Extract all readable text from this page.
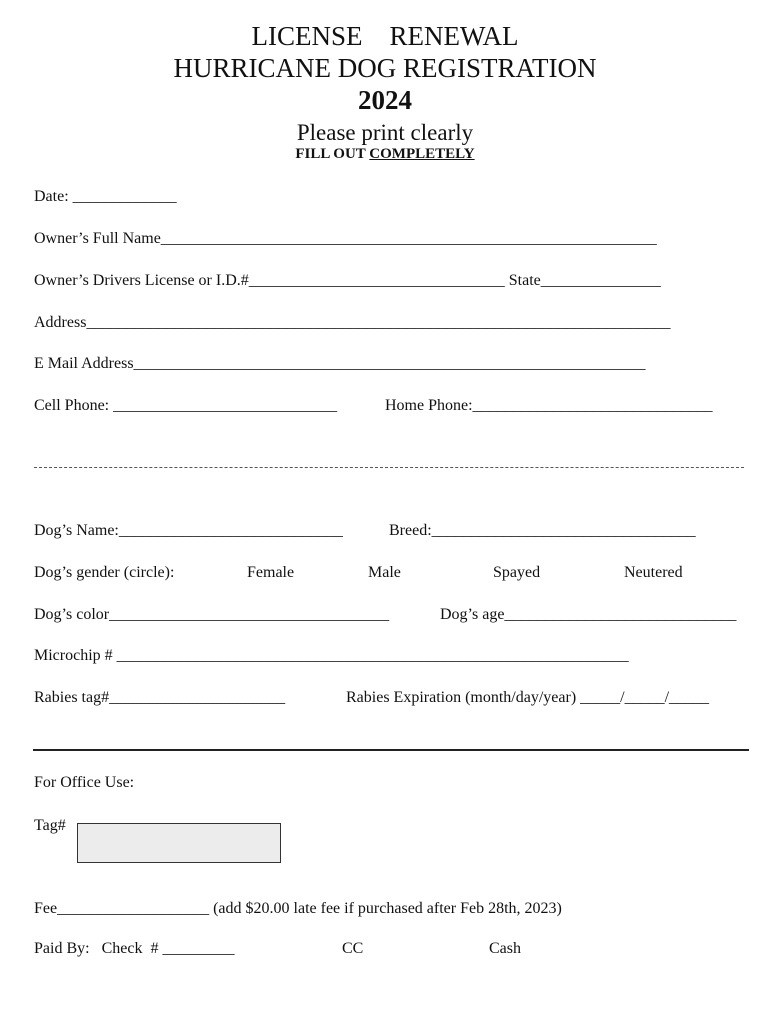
LICENSE    RENEWAL
HURRICANE DOG REGISTRATION
2024
Please print clearly
FILL OUT COMPLETELY
Date: _____________
Owner’s Full Name______________________________________________________________
Owner’s Drivers License or I.D.#________________________________ State_______________
Address_________________________________________________________________________
E Mail Address________________________________________________________________
Cell Phone: ____________________________	Home Phone:______________________________
Dog’s Name:____________________________	Breed:_________________________________
Dog’s gender (circle):	Female	Male	Spayed	Neutered
Dog’s color___________________________________	Dog’s age_____________________________
Microchip # ________________________________________________________________
Rabies tag#______________________	Rabies Expiration (month/day/year) _____/_____/_____
For Office Use:
Tag#
Fee___________________ (add $20.00 late fee if purchased after Feb 28th, 2023)
Paid By:   Check  # _________	CC	Cash
